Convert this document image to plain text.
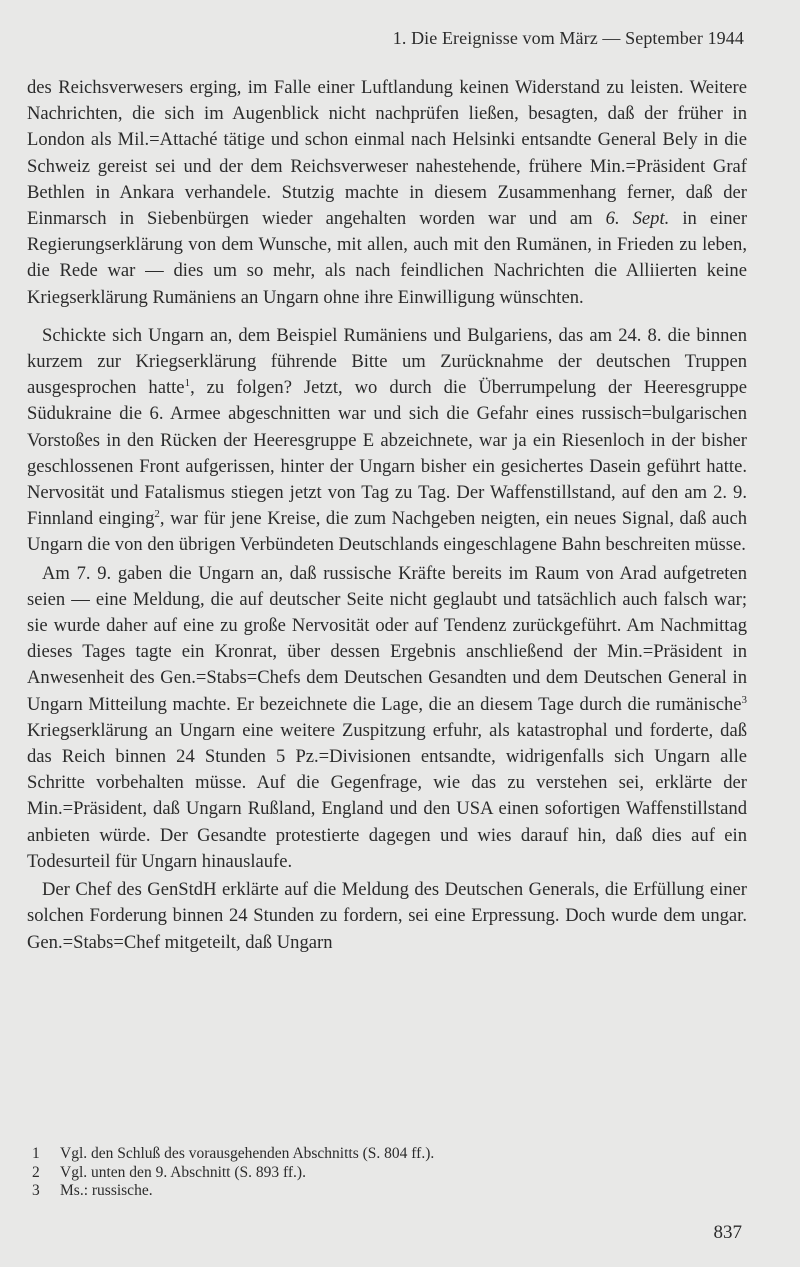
1. Die Ereignisse vom März — September 1944

des Reichsverwesers erging, im Falle einer Luftlandung keinen Widerstand zu leisten. Weitere Nachrichten, die sich im Augenblick nicht nachprüfen ließen, besagten, daß der früher in London als Mil.=Attaché tätige und schon einmal nach Helsinki entsandte General Bely in die Schweiz gereist sei und der dem Reichsverweser nahestehende, frühere Min.=Präsident Graf Bethlen in Ankara verhandele. Stutzig machte in diesem Zusammenhang ferner, daß der Einmarsch in Siebenbürgen wieder angehalten worden war und am 6. Sept. in einer Regierungserklärung von dem Wunsche, mit allen, auch mit den Rumänen, in Frieden zu leben, die Rede war — dies um so mehr, als nach feindlichen Nachrichten die Alliierten keine Kriegserklärung Rumäniens an Ungarn ohne ihre Einwilligung wünschten.

Schickte sich Ungarn an, dem Beispiel Rumäniens und Bulgariens, das am 24. 8. die binnen kurzem zur Kriegserklärung führende Bitte um Zurücknahme der deutschen Truppen ausgesprochen hatte$^1$, zu folgen? Jetzt, wo durch die Überrumpelung der Heeresgruppe Südukraine die 6. Armee abgeschnitten war und sich die Gefahr eines russisch=bulgarischen Vorstoßes in den Rücken der Heeresgruppe E abzeichnete, war ja ein Riesenloch in der bisher geschlossenen Front aufgerissen, hinter der Ungarn bisher ein gesichertes Dasein geführt hatte. Nervosität und Fatalismus stiegen jetzt von Tag zu Tag. Der Waffenstillstand, auf den am 2. 9. Finnland einging$^2$, war für jene Kreise, die zum Nachgeben neigten, ein neues Signal, daß auch Ungarn die von den übrigen Verbündeten Deutschlands eingeschlagene Bahn beschreiten müsse.

Am 7. 9. gaben die Ungarn an, daß russische Kräfte bereits im Raum von Arad aufgetreten seien — eine Meldung, die auf deutscher Seite nicht geglaubt und tatsächlich auch falsch war; sie wurde daher auf eine zu große Nervosität oder auf Tendenz zurückgeführt. Am Nachmittag dieses Tages tagte ein Kronrat, über dessen Ergebnis anschließend der Min.=Präsident in Anwesenheit des Gen.=Stabs=Chefs dem Deutschen Gesandten und dem Deutschen General in Ungarn Mitteilung machte. Er bezeichnete die Lage, die an diesem Tage durch die rumänische$^3$ Kriegserklärung an Ungarn eine weitere Zuspitzung erfuhr, als katastrophal und forderte, daß das Reich binnen 24 Stunden 5 Pz.=Divisionen entsandte, widrigenfalls sich Ungarn alle Schritte vorbehalten müsse. Auf die Gegenfrage, wie das zu verstehen sei, erklärte der Min.=Präsident, daß Ungarn Rußland, England und den USA einen sofortigen Waffenstillstand anbieten würde. Der Gesandte protestierte dagegen und wies darauf hin, daß dies auf ein Todesurteil für Ungarn hinauslaufe.

Der Chef des GenStdH erklärte auf die Meldung des Deutschen Generals, die Erfüllung einer solchen Forderung binnen 24 Stunden zu fordern, sei eine Erpressung. Doch wurde dem ungar. Gen.=Stabs=Chef mitgeteilt, daß Ungarn

1	Vgl. den Schluß des vorausgehenden Abschnitts (S. 804 ff.).
2	Vgl. unten den 9. Abschnitt (S. 893 ff.).
3	Ms.: russische.
837
